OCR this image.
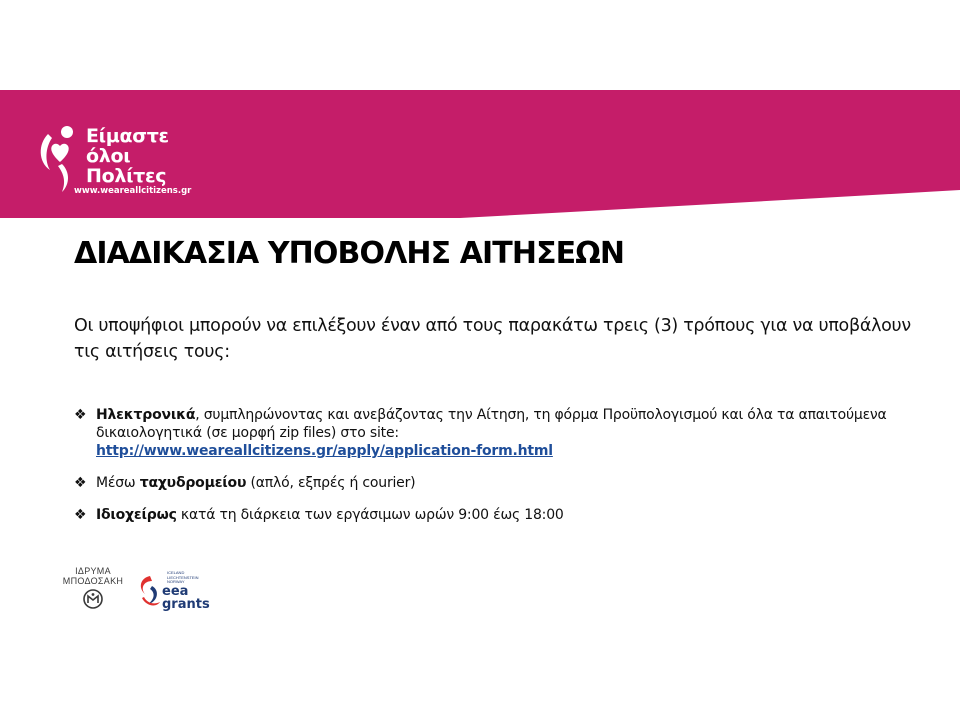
Είμαστε
όλοι
Πολίτες
www.weareallcitizens.gr
ΔΙΑΔΙΚΑΣΙΑ ΥΠΟΒΟΛΗΣ ΑΙΤΗΣΕΩΝ

Οι υποψήφιοι μπορούν να επιλέξουν έναν από τους παρακάτω τρεις (3) τρόπους για να υποβάλουν τις αιτήσεις τους:

❖ Ηλεκτρονικά, συμπληρώνοντας και ανεβάζοντας την Αίτηση, τη φόρμα Προϋπολογισμού και όλα τα απαιτούμενα δικαιολογητικά (σε μορφή zip files) στο site:
http://www.weareallcitizens.gr/apply/application-form.html
❖ Μέσω ταχυδρομείου (απλό, εξπρές ή courier)
❖ Ιδιοχείρως κατά τη διάρκεια των εργάσιμων ωρών 9:00 έως 18:00
ΙΔΡΥΜΑ
ΜΠΟΔΟΣΑΚΗ
ICELAND
LIECHTENSTEIN
NORWAY
eea
grants
